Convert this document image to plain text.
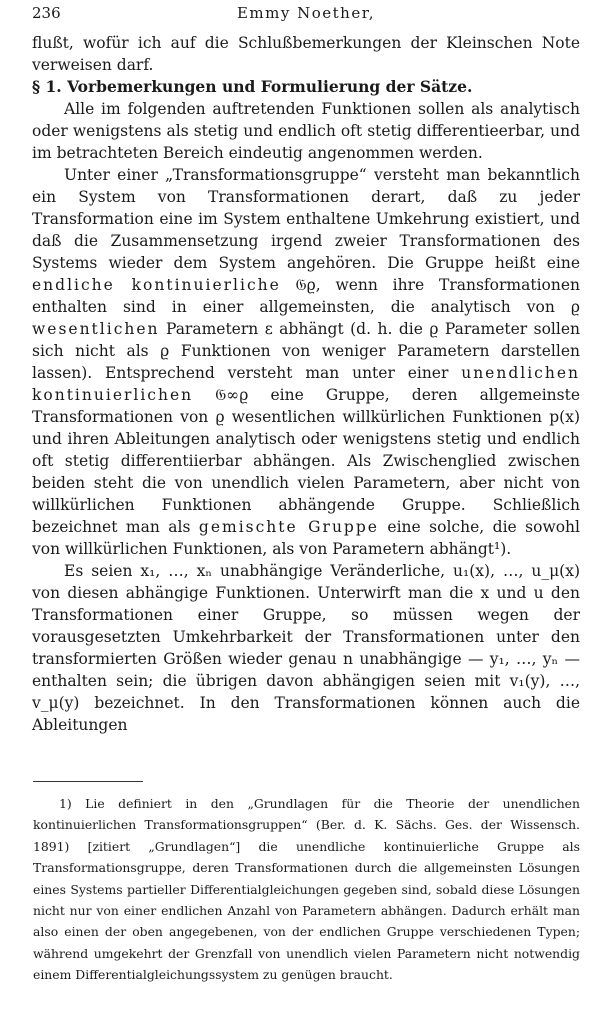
236	Emmy Noether,

flußt, wofür ich auf die Schlußbemerkungen der Kleinschen Note verweisen darf.

§ 1. Vorbemerkungen und Formulierung der Sätze.

Alle im folgenden auftretenden Funktionen sollen als analytisch oder wenigstens als stetig und endlich oft stetig differentieerbar, und im betrachteten Bereich eindeutig angenommen werden.

Unter einer „Transformationsgruppe“ versteht man bekanntlich ein System von Transformationen derart, daß zu jeder Transformation eine im System enthaltene Umkehrung existiert, und daß die Zusammensetzung irgend zweier Transformationen des Systems wieder dem System angehören. Die Gruppe heißt eine endliche kontinuierliche 𝔊ϱ, wenn ihre Transformationen enthalten sind in einer allgemeinsten, die analytisch von ϱ wesentlichen Parametern ε abhängt (d. h. die ϱ Parameter sollen sich nicht als ϱ Funktionen von weniger Parametern darstellen lassen). Entsprechend versteht man unter einer unendlichen kontinuierlichen 𝔊∞ϱ eine Gruppe, deren allgemeinste Transformationen von ϱ wesentlichen willkürlichen Funktionen p(x) und ihren Ableitungen analytisch oder wenigstens stetig und endlich oft stetig differentiierbar abhängen. Als Zwischenglied zwischen beiden steht die von unendlich vielen Parametern, aber nicht von willkürlichen Funktionen abhängende Gruppe. Schließlich bezeichnet man als gemischte Gruppe eine solche, die sowohl von willkürlichen Funktionen, als von Parametern abhängt¹).

Es seien x₁, …, xₙ unabhängige Veränderliche, u₁(x), …, u_μ(x) von diesen abhängige Funktionen. Unterwirft man die x und u den Transformationen einer Gruppe, so müssen wegen der vorausgesetzten Umkehrbarkeit der Transformationen unter den transformierten Größen wieder genau n unabhängige — y₁, …, yₙ — enthalten sein; die übrigen davon abhängigen seien mit v₁(y), …, v_μ(y) bezeichnet. In den Transformationen können auch die Ableitungen

1) Lie definiert in den „Grundlagen für die Theorie der unendlichen kontinuierlichen Transformationsgruppen“ (Ber. d. K. Sächs. Ges. der Wissensch. 1891) [zitiert „Grundlagen“] die unendliche kontinuierliche Gruppe als Transformationsgruppe, deren Transformationen durch die allgemeinsten Lösungen eines Systems partieller Differentialgleichungen gegeben sind, sobald diese Lösungen nicht nur von einer endlichen Anzahl von Parametern abhängen. Dadurch erhält man also einen der oben angegebenen, von der endlichen Gruppe verschiedenen Typen; während umgekehrt der Grenzfall von unendlich vielen Parametern nicht notwendig einem Differentialgleichungssystem zu genügen braucht.
